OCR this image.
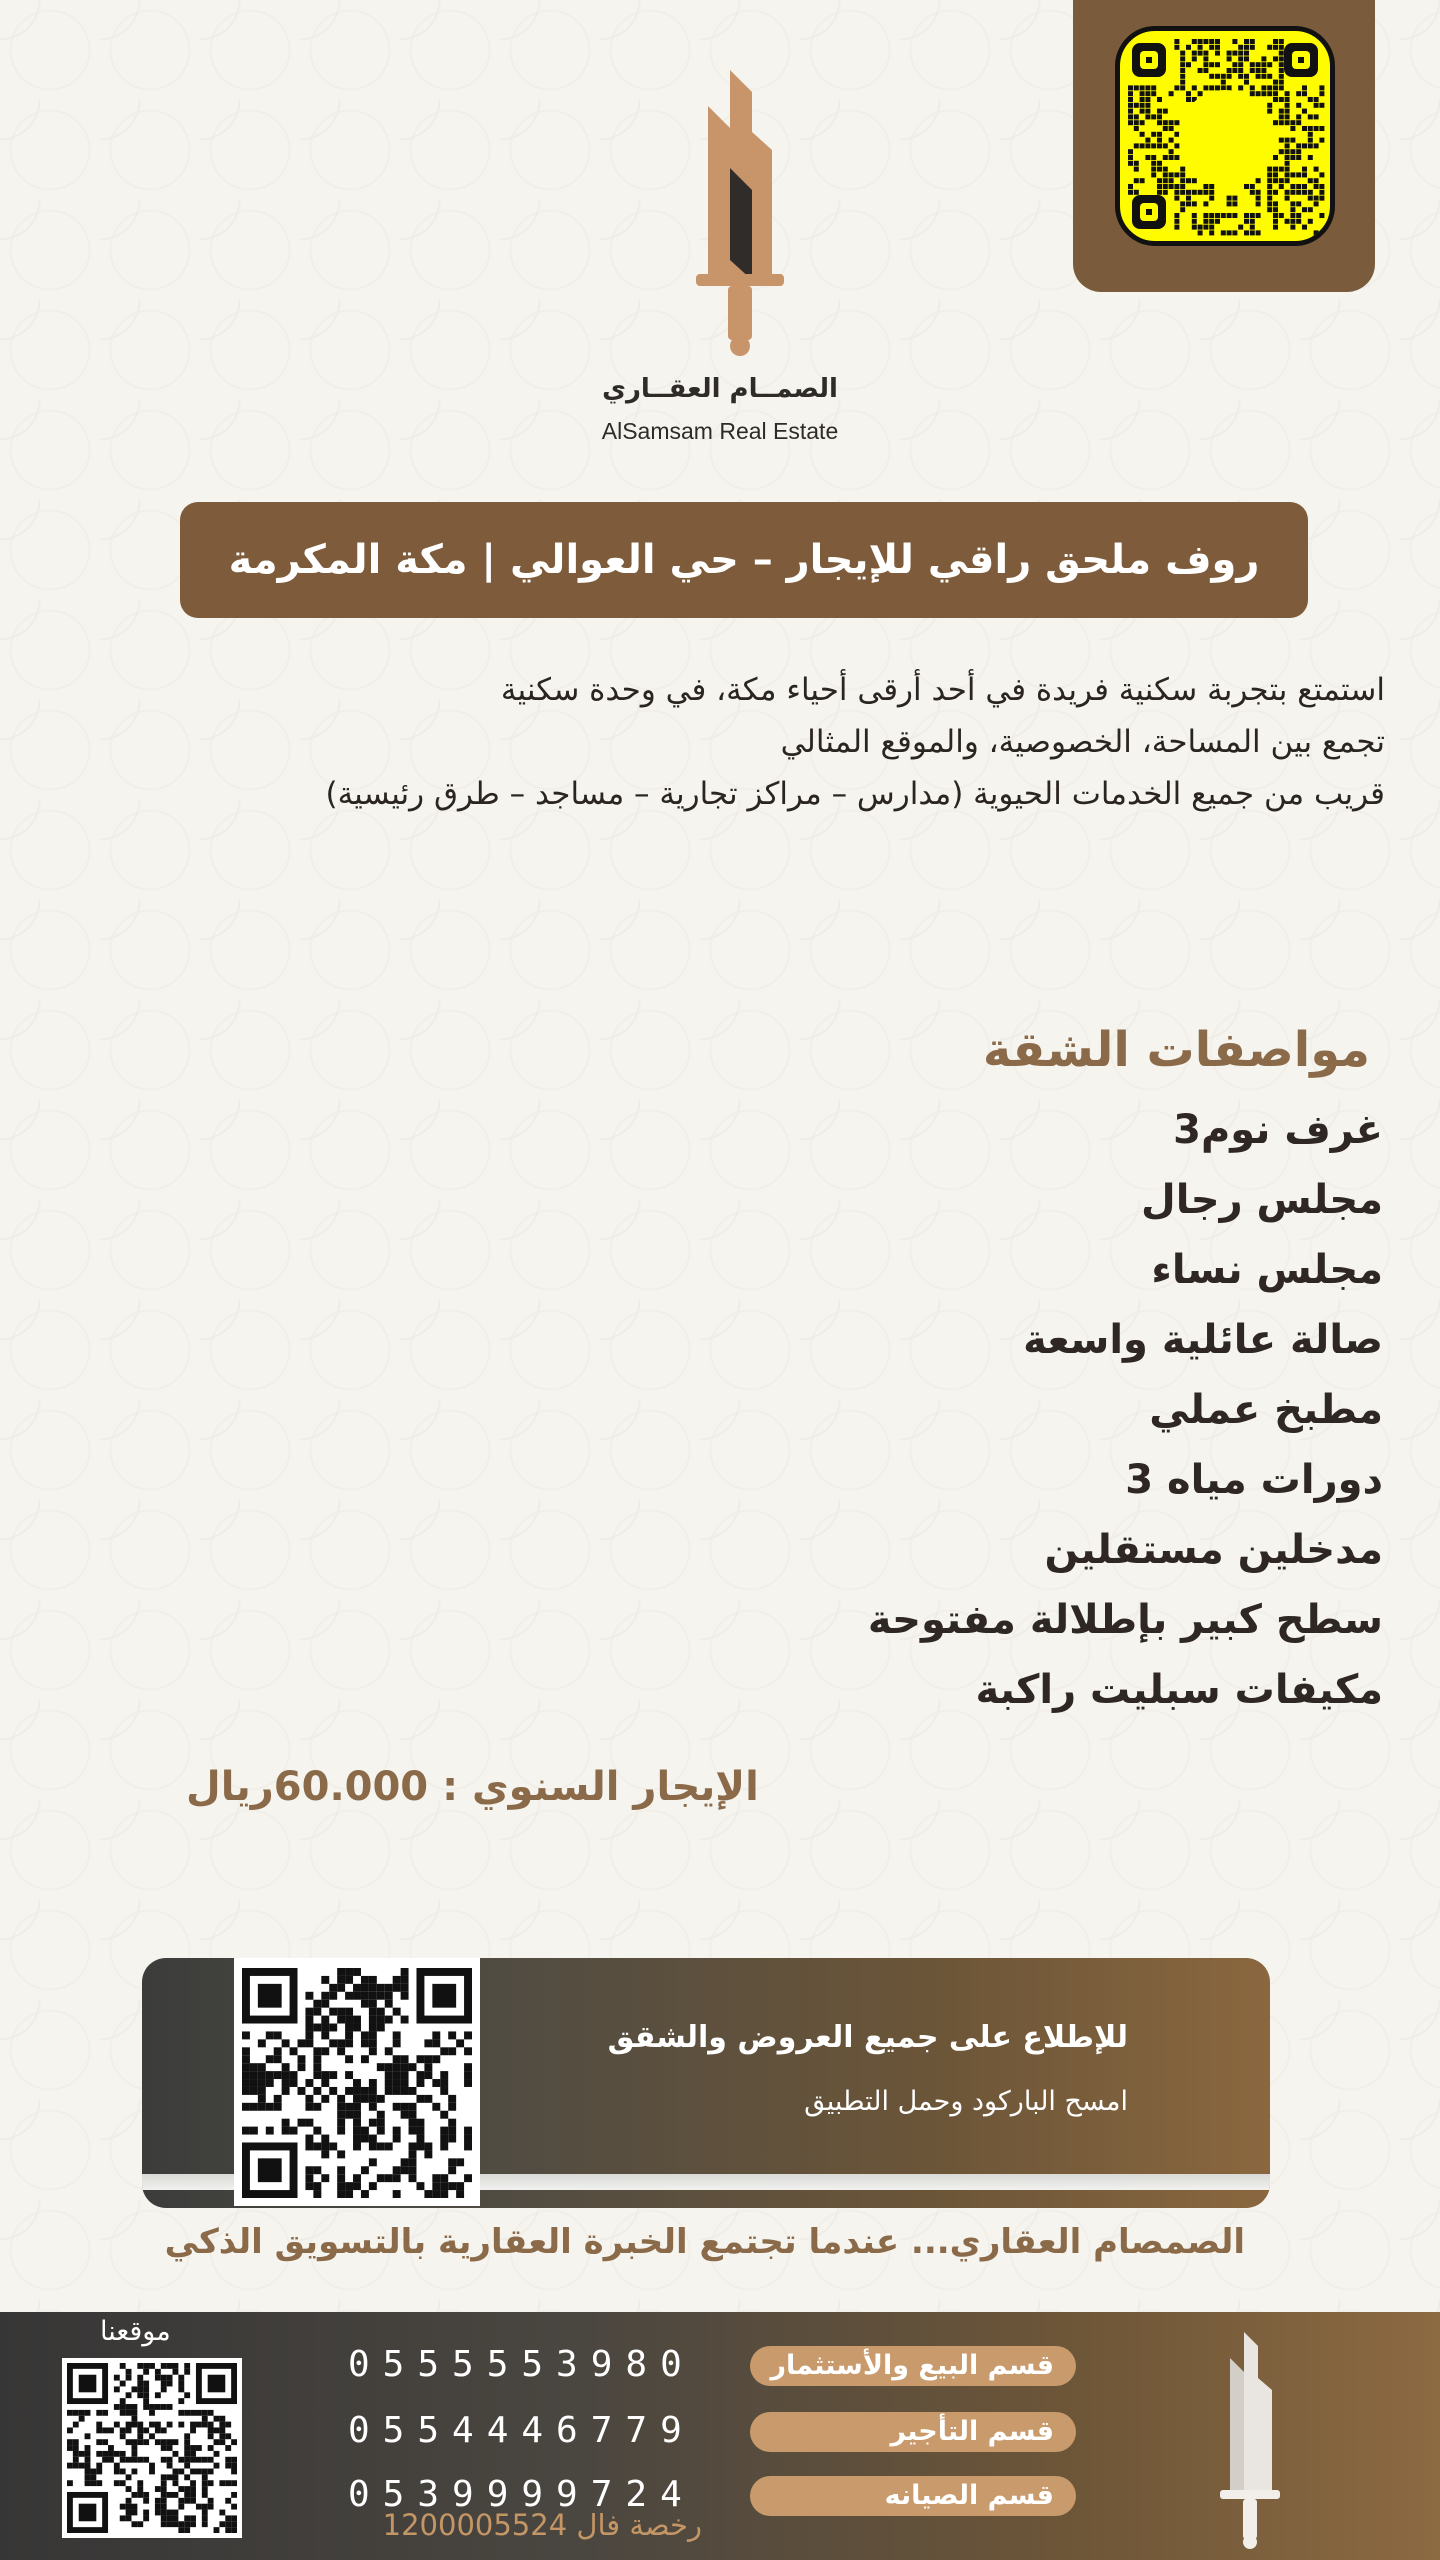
الصمــام العقــاري
AlSamsam Real Estate
روف ملحق راقي للإيجار – حي العوالي | مكة المكرمة
استمتع بتجربة سكنية فريدة في أحد أرقى أحياء مكة، في وحدة سكنية
تجمع بين المساحة، الخصوصية، والموقع المثالي
قريب من جميع الخدمات الحيوية (مدارس – مراكز تجارية – مساجد – طرق رئيسية)
مواصفات الشقة
غرف نوم3
مجلس رجال
مجلس نساء
صالة عائلية واسعة
مطبخ عملي
دورات مياه 3
مدخلين مستقلين
سطح كبير بإطلالة مفتوحة
مكيفات سبليت راكبة
الإيجار السنوي : 60.000ريال
للإطلاع على جميع العروض والشقق
امسح الباركود وحمل التطبيق
الصمصام العقاري... عندما تجتمع الخبرة العقارية بالتسويق الذكي
موقعنا
0555553980	قسم البيع والأستثمار
0554446779	قسم التأجير
0539999724	قسم الصيانه
رخصة فال 1200005524
